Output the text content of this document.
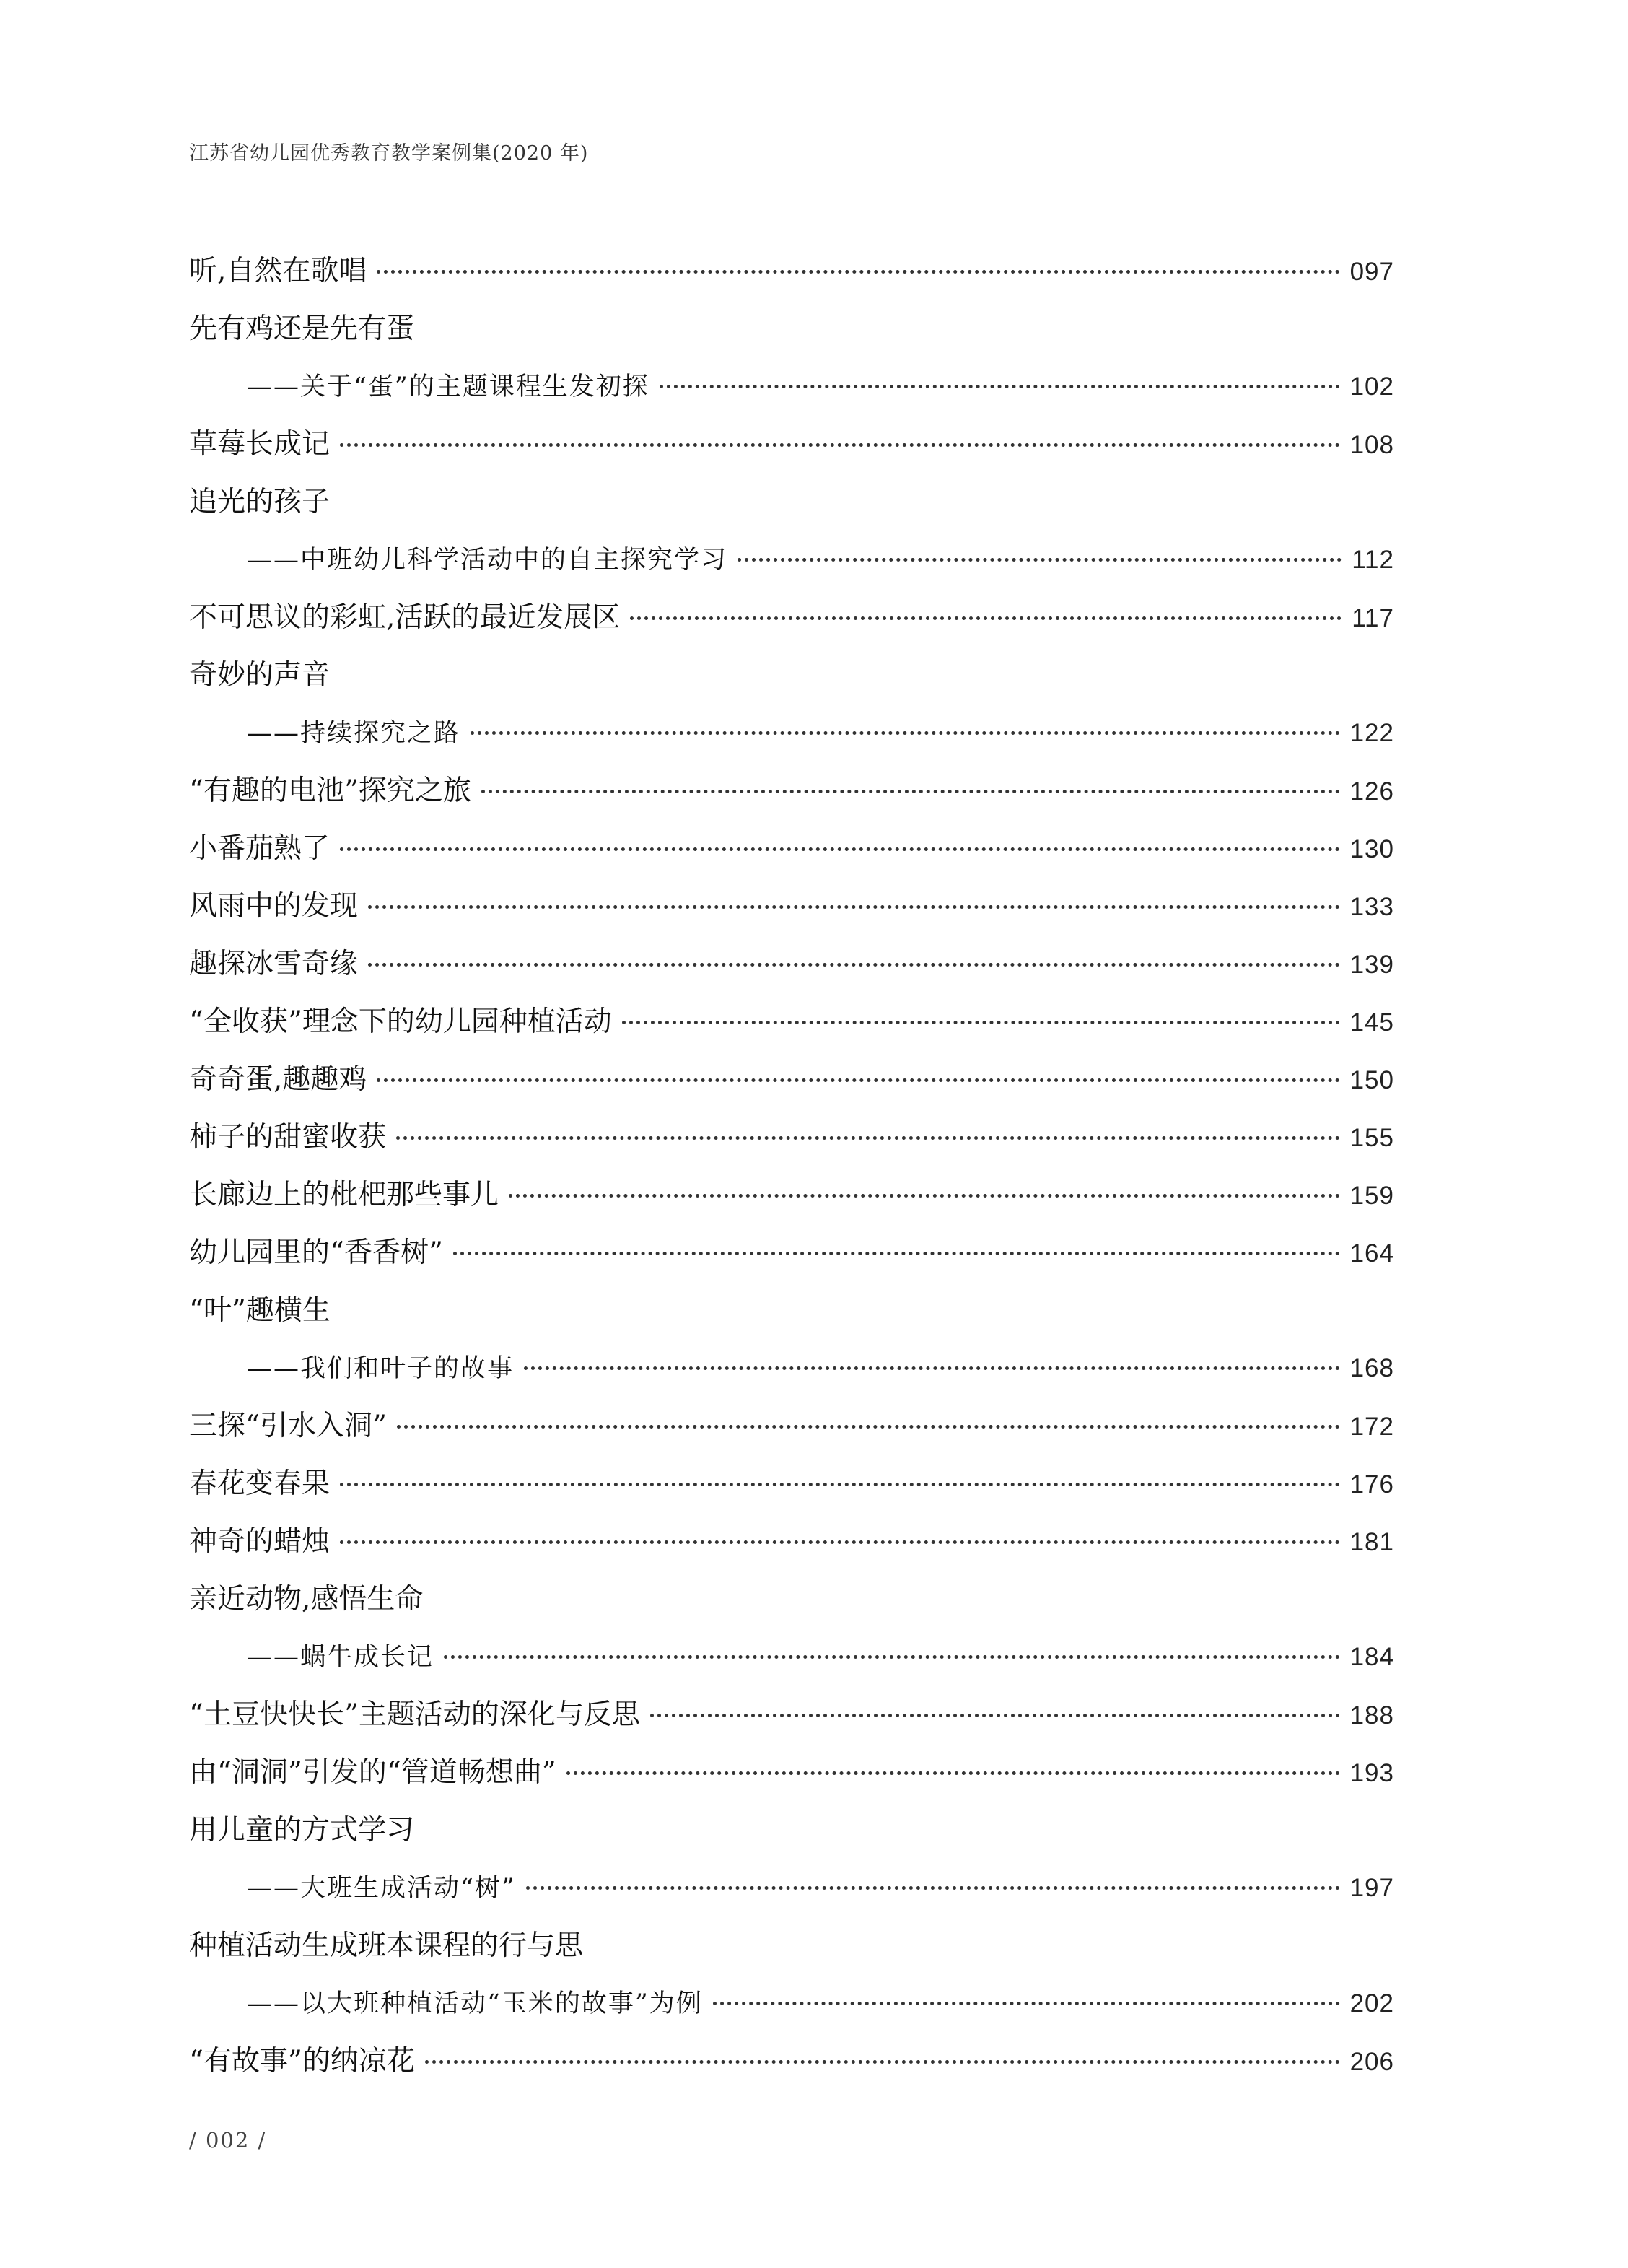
江苏省幼儿园优秀教育教学案例集(2020 年)
听,自然在歌唱	097
先有鸡还是先有蛋
——关于“蛋”的主题课程生发初探	102
草莓长成记	108
追光的孩子
——中班幼儿科学活动中的自主探究学习	112
不可思议的彩虹,活跃的最近发展区	117
奇妙的声音
——持续探究之路	122
“有趣的电池”探究之旅	126
小番茄熟了	130
风雨中的发现	133
趣探冰雪奇缘	139
“全收获”理念下的幼儿园种植活动	145
奇奇蛋,趣趣鸡	150
柿子的甜蜜收获	155
长廊边上的枇杷那些事儿	159
幼儿园里的“香香树”	164
“叶”趣横生
——我们和叶子的故事	168
三探“引水入洞”	172
春花变春果	176
神奇的蜡烛	181
亲近动物,感悟生命
——蜗牛成长记	184
“土豆快快长”主题活动的深化与反思	188
由“洞洞”引发的“管道畅想曲”	193
用儿童的方式学习
——大班生成活动“树”	197
种植活动生成班本课程的行与思
——以大班种植活动“玉米的故事”为例	202
“有故事”的纳凉花	206
/ 002 /
